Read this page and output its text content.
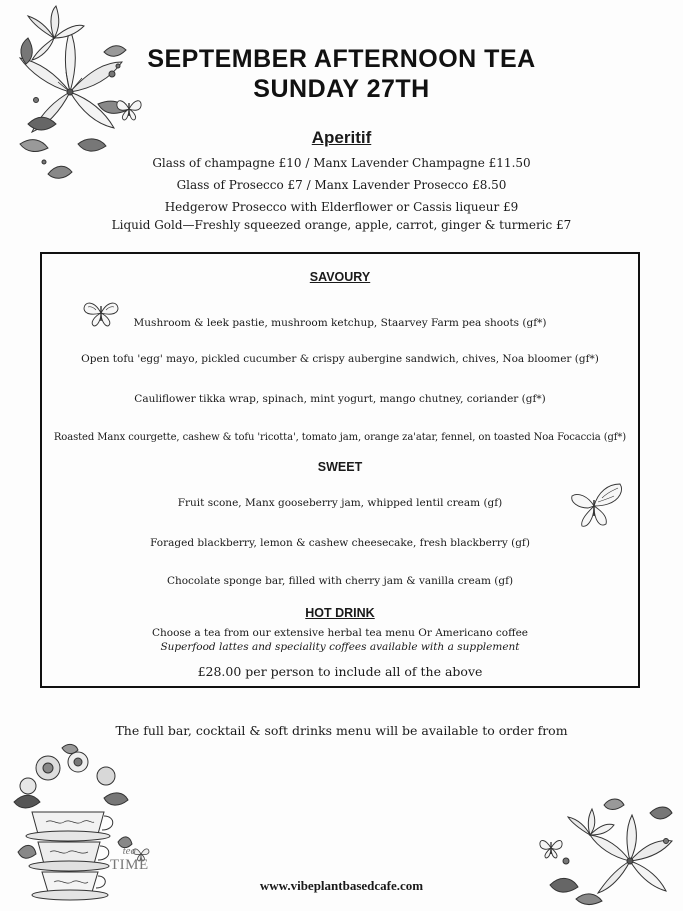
SEPTEMBER AFTERNOON TEA
SUNDAY 27TH
Aperitif
Glass of champagne £10 / Manx Lavender Champagne £11.50
Glass of Prosecco £7 / Manx Lavender Prosecco £8.50
Hedgerow Prosecco with Elderflower or Cassis liqueur £9
Liquid Gold—Freshly squeezed orange, apple, carrot, ginger & turmeric £7
SAVOURY
Mushroom & leek pastie, mushroom ketchup, Staarvey Farm pea shoots (gf*)
Open tofu 'egg' mayo, pickled cucumber & crispy aubergine sandwich, chives, Noa bloomer (gf*)
Cauliflower tikka wrap, spinach, mint yogurt, mango chutney, coriander (gf*)
Roasted Manx courgette, cashew & tofu 'ricotta', tomato jam, orange za'atar, fennel, on toasted Noa Focaccia (gf*)
SWEET
Fruit scone, Manx gooseberry jam, whipped lentil cream (gf)
Foraged blackberry, lemon & cashew cheesecake, fresh blackberry (gf)
Chocolate sponge bar, filled with cherry jam & vanilla cream (gf)
HOT DRINK
Choose a tea from our extensive herbal tea menu Or Americano coffee
Superfood lattes and speciality coffees available with a supplement
£28.00 per person to include all of the above
The full bar, cocktail & soft drinks menu will be available to order from
tea
TIME
www.vibeplantbasedcafe.com
